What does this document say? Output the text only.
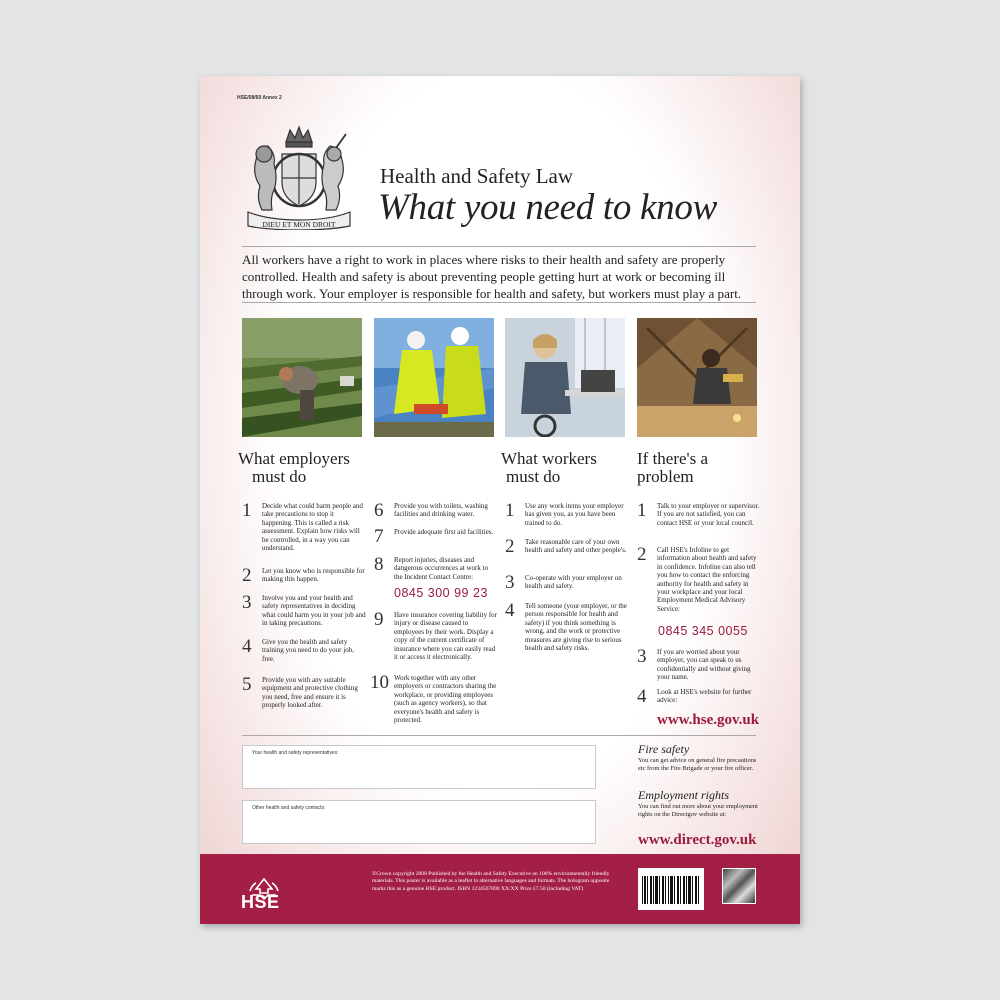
HSE/08/69 Annex 2
DIEU ET MON DROIT
Health and Safety Law
What you need to know
All workers have a right to work in places where risks to their health and safety are properly controlled. Health and safety is about preventing people getting hurt at work or becoming ill through work. Your employer is responsible for health and safety, but workers must play a part.
What employers
must do
What workers
must do
If there's a
problem
1	Decide what could harm people and take precautions to stop it happening. This is called a risk assessment. Explain how risks will be controlled, in a way you can understand.
2	Let you know who is responsible for making this happen.
3	Involve you and your health and safety representatives in deciding what could harm you in your job and in taking precautions.
4	Give you the health and safety training you need to do your job, free.
5	Provide you with any suitable equipment and protective clothing you need, free and ensure it is properly looked after.
6	Provide you with toilets, washing facilities and drinking water.
7	Provide adequate first aid facilities.
8	Report injuries, diseases and dangerous occurrences at work to the Incident Contact Centre:
0845 300 99 23
9	Have insurance covering liability for injury or disease caused to employees by their work. Display a copy of the current certificate of insurance where you can easily read it or access it electronically.
10 Work together with any other employers or contractors sharing the workplace, or providing employees (such as agency workers), so that everyone's health and safety is protected.
1	Use any work items your employer has given you, as you have been trained to do.
2	Take reasonable care of your own health and safety and other people's.
3	Co-operate with your employer on health and safety.
4	Tell someone (your employer, or the person responsible for health and safety) if you think something is wrong, and the work or protective measures are giving rise to serious health and safety risks.
1	Talk to your employer or supervisor. If you are not satisfied, you can contact HSE or your local council.
2	Call HSE's Infoline to get information about health and safety in confidence. Infoline can also tell you how to contact the enforcing authority for health and safety in your workplace and your local Employment Medical Advisory Service:
0845 345 0055
3	If you are worried about your employer, you can speak to us confidentially and without giving your name.
4	Look at HSE's website for further advice:
www.hse.gov.uk
Your health and safety representatives:
Other health and safety contacts:
Fire safety
You can get advice on general fire precautions etc from the Fire Brigade or your fire officer.
Employment rights
You can find out more about your employment rights on the Directgov website at:
www.direct.gov.uk
HSE
©Crown copyright 2008 Published by the Health and Safety Executive on 100% environmentally friendly materials. This poster is available as a leaflet in alternative languages and formats. The hologram opposite marks this as a genuine HSE product. ISBN 1234567890 XX/XX Price £7.50 (including VAT)
